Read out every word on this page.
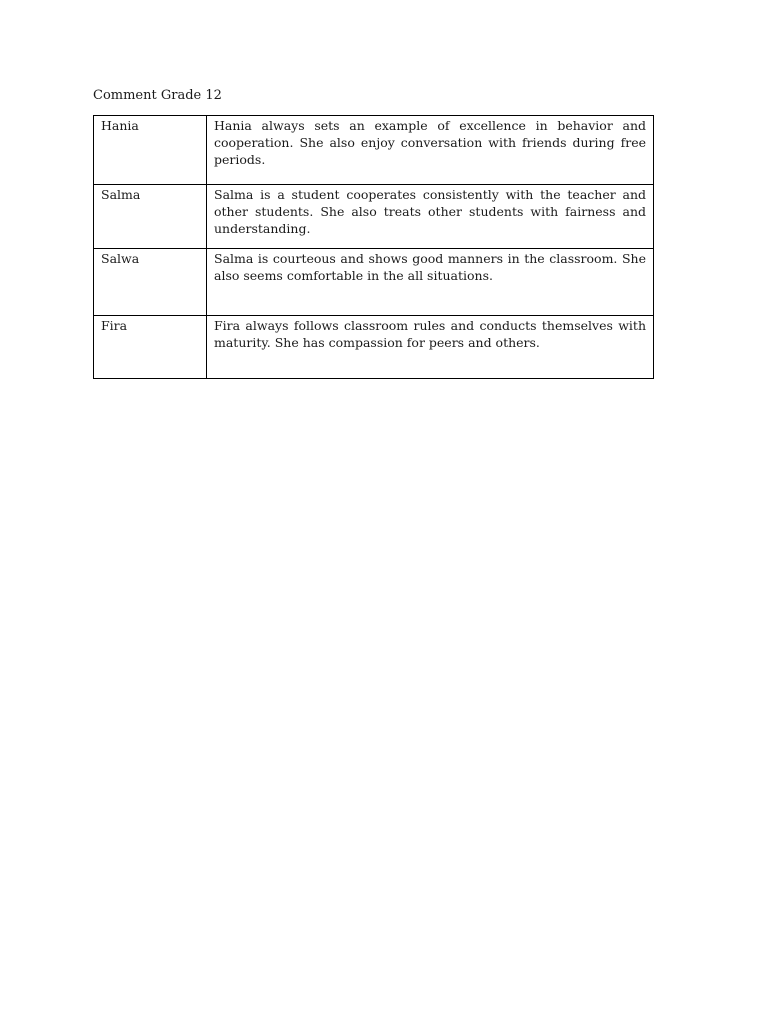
Comment Grade 12

Hania	Hania always sets an example of excellence in behavior and cooperation. She also enjoy conversation with friends during free periods.
Salma	Salma is a student cooperates consistently with the teacher and other students. She also treats other students with fairness and understanding.
Salwa	Salma is courteous and shows good manners in the classroom. She also seems comfortable in the all situations.
Fira	Fira always follows classroom rules and conducts themselves with maturity. She has compassion for peers and others.
